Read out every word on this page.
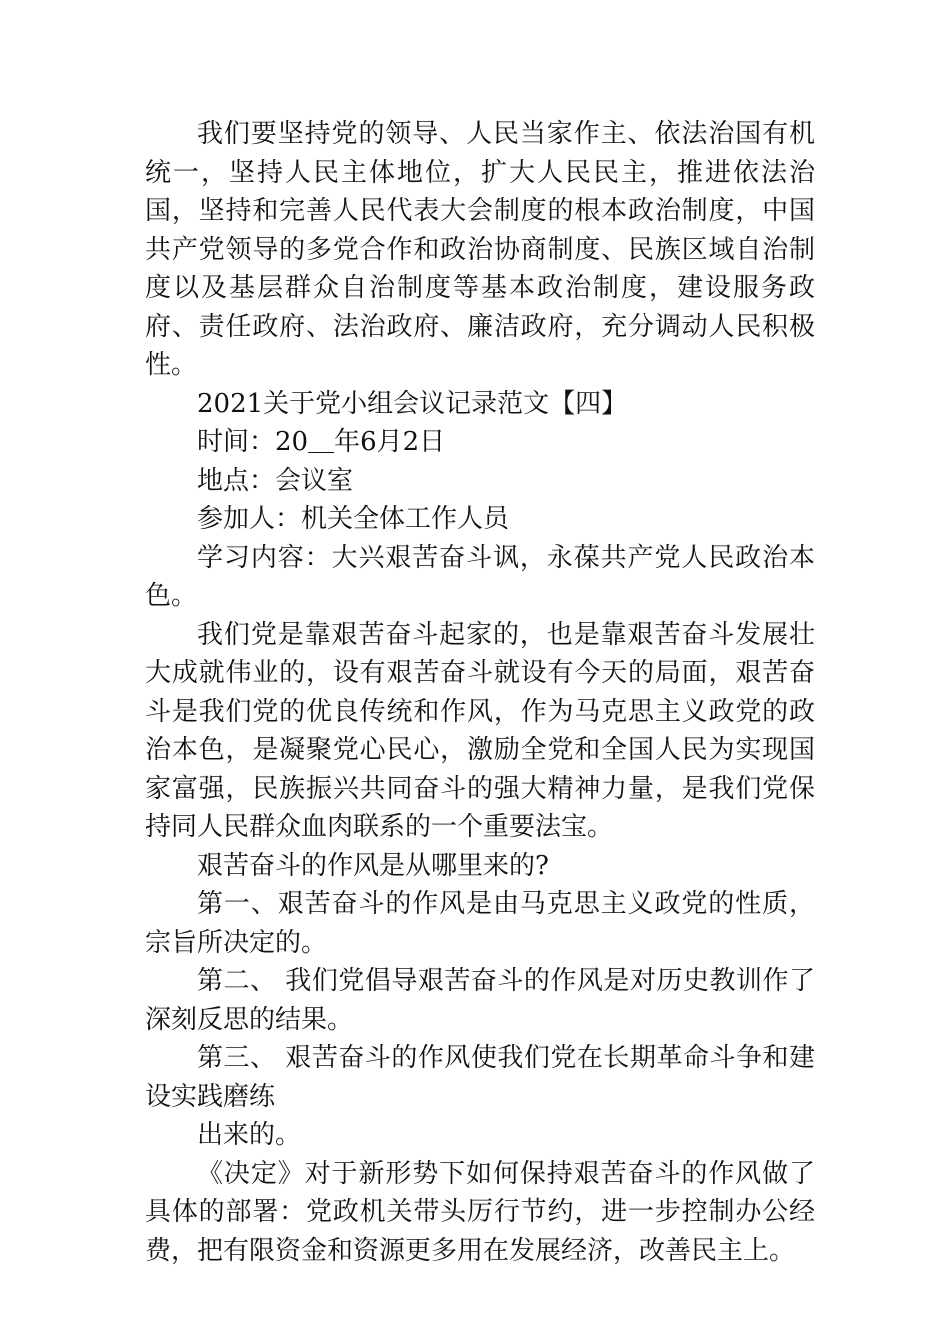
我们要坚持党的领导、人民当家作主、依法治国有机统一，坚持人民主体地位，扩大人民民主，推进依法治国，坚持和完善人民代表大会制度的根本政治制度，中国共产党领导的多党合作和政治协商制度、民族区域自治制度以及基层群众自治制度等基本政治制度，建设服务政府、责任政府、法治政府、廉洁政府，充分调动人民积极性。

2021关于党小组会议记录范文【四】

时间：20＿年6月2日

地点：会议室

参加人：机关全体工作人员

学习内容：大兴艰苦奋斗讽，永葆共产党人民政治本色。

我们党是靠艰苦奋斗起家的，也是靠艰苦奋斗发展壮大成就伟业的，设有艰苦奋斗就设有今天的局面，艰苦奋斗是我们党的优良传统和作风，作为马克思主义政党的政治本色，是凝聚党心民心，激励全党和全国人民为实现国家富强，民族振兴共同奋斗的强大精神力量，是我们党保持同人民群众血肉联系的一个重要法宝。

艰苦奋斗的作风是从哪里来的?

第一、艰苦奋斗的作风是由马克思主义政党的性质，宗旨所决定的。

第二、 我们党倡导艰苦奋斗的作风是对历史教训作了深刻反思的结果。

第三、 艰苦奋斗的作风使我们党在长期革命斗争和建设实践磨练

出来的。

《决定》对于新形势下如何保持艰苦奋斗的作风做了具体的部署：党政机关带头厉行节约，进一步控制办公经费，把有限资金和资源更多用在发展经济，改善民主上。
